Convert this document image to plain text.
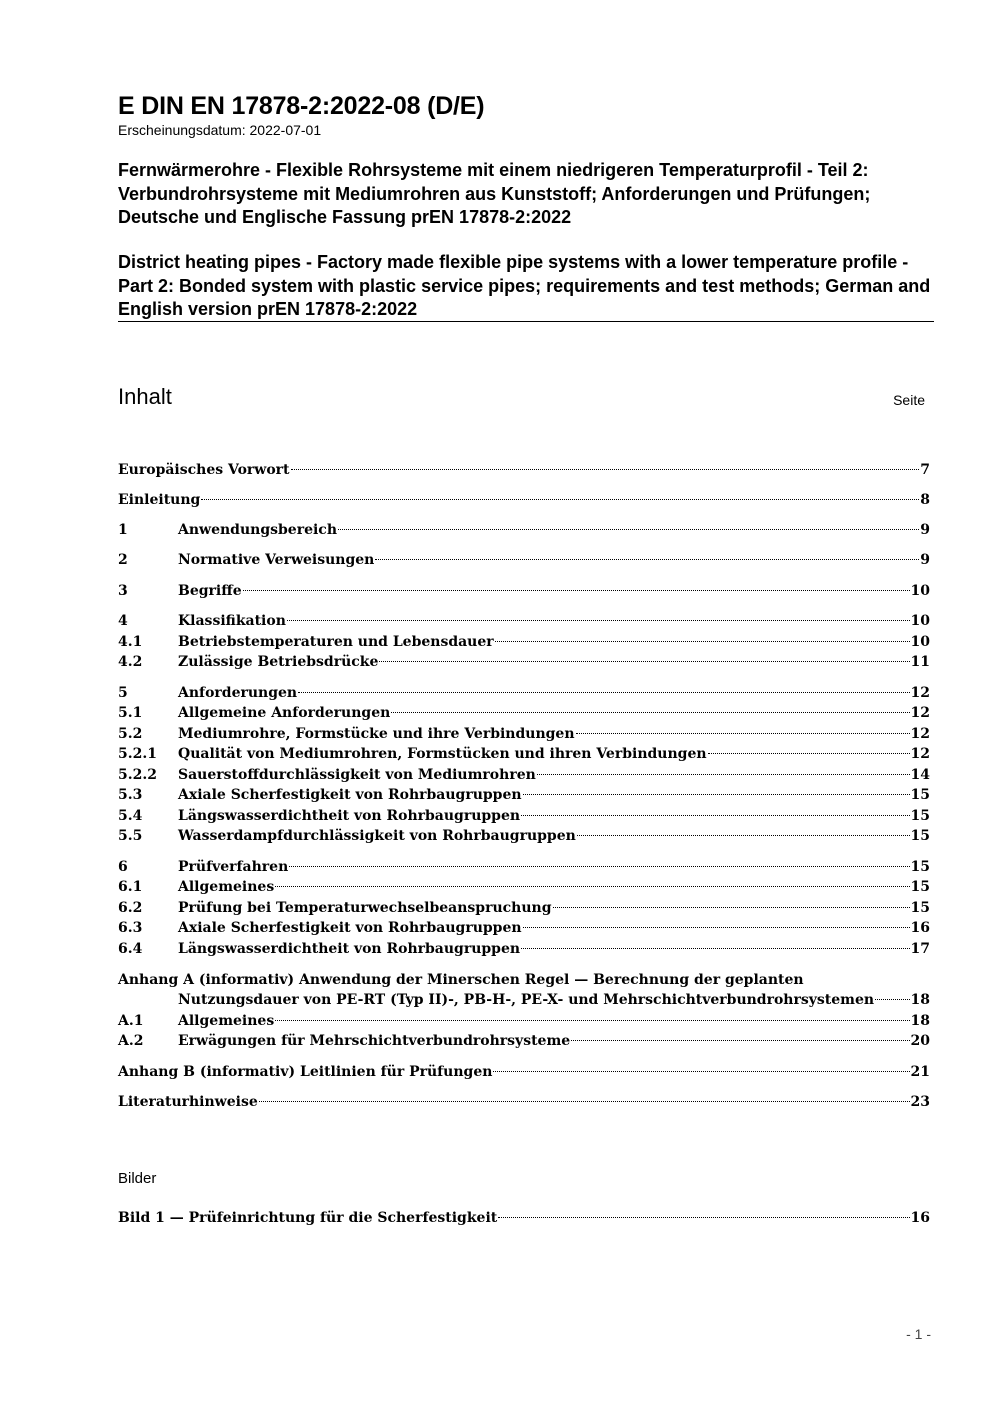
E DIN EN 17878-2:2022-08 (D/E)
Erscheinungsdatum: 2022-07-01
Fernwärmerohre - Flexible Rohrsysteme mit einem niedrigeren Temperaturprofil - Teil 2: Verbundrohrsysteme mit Mediumrohren aus Kunststoff; Anforderungen und Prüfungen; Deutsche und Englische Fassung prEN 17878-2:2022
District heating pipes - Factory made flexible pipe systems with a lower temperature profile - Part 2: Bonded system with plastic service pipes; requirements and test methods; German and English version prEN 17878-2:2022
Inhalt	Seite
Europäisches Vorwort	7
Einleitung	8
1	Anwendungsbereich	9
2	Normative Verweisungen	9
3	Begriffe	10
4	Klassifikation	10
4.1	Betriebstemperaturen und Lebensdauer	10
4.2	Zulässige Betriebsdrücke	11
5	Anforderungen	12
5.1	Allgemeine Anforderungen	12
5.2	Mediumrohre, Formstücke und ihre Verbindungen	12
5.2.1	Qualität von Mediumrohren, Formstücken und ihren Verbindungen	12
5.2.2	Sauerstoffdurchlässigkeit von Mediumrohren	14
5.3	Axiale Scherfestigkeit von Rohrbaugruppen	15
5.4	Längswasserdichtheit von Rohrbaugruppen	15
5.5	Wasserdampfdurchlässigkeit von Rohrbaugruppen	15
6	Prüfverfahren	15
6.1	Allgemeines	15
6.2	Prüfung bei Temperaturwechselbeanspruchung	15
6.3	Axiale Scherfestigkeit von Rohrbaugruppen	16
6.4	Längswasserdichtheit von Rohrbaugruppen	17
Anhang A (informativ) Anwendung der Minerschen Regel — Berechnung der geplanten
Nutzungsdauer von PE-RT (Typ II)-, PB-H-, PE-X- und Mehrschichtverbundrohrsystemen	18
A.1	Allgemeines	18
A.2	Erwägungen für Mehrschichtverbundrohrsysteme	20
Anhang B (informativ) Leitlinien für Prüfungen	21
Literaturhinweise	23
Bilder
Bild 1 — Prüfeinrichtung für die Scherfestigkeit	16
- 1 -
